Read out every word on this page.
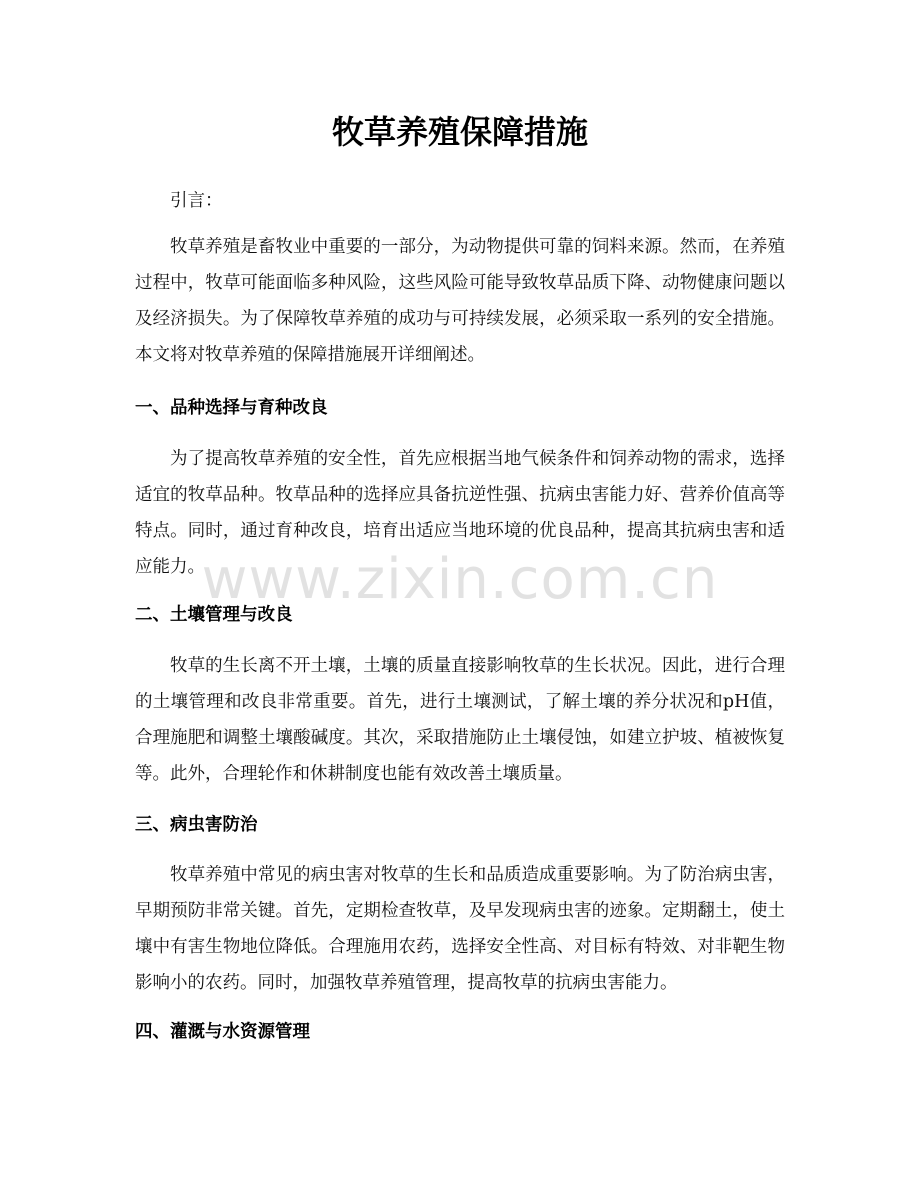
牧草养殖保障措施

引言：

牧草养殖是畜牧业中重要的一部分，为动物提供可靠的饲料来源。然而，在养殖过程中，牧草可能面临多种风险，这些风险可能导致牧草品质下降、动物健康问题以及经济损失。为了保障牧草养殖的成功与可持续发展，必须采取一系列的安全措施。本文将对牧草养殖的保障措施展开详细阐述。

一、品种选择与育种改良

为了提高牧草养殖的安全性，首先应根据当地气候条件和饲养动物的需求，选择适宜的牧草品种。牧草品种的选择应具备抗逆性强、抗病虫害能力好、营养价值高等特点。同时，通过育种改良，培育出适应当地环境的优良品种，提高其抗病虫害和适应能力。

二、土壤管理与改良

牧草的生长离不开土壤，土壤的质量直接影响牧草的生长状况。因此，进行合理的土壤管理和改良非常重要。首先，进行土壤测试，了解土壤的养分状况和pH值，合理施肥和调整土壤酸碱度。其次，采取措施防止土壤侵蚀，如建立护坡、植被恢复等。此外，合理轮作和休耕制度也能有效改善土壤质量。

三、病虫害防治

牧草养殖中常见的病虫害对牧草的生长和品质造成重要影响。为了防治病虫害，早期预防非常关键。首先，定期检查牧草，及早发现病虫害的迹象。定期翻土，使土壤中有害生物地位降低。合理施用农药，选择安全性高、对目标有特效、对非靶生物影响小的农药。同时，加强牧草养殖管理，提高牧草的抗病虫害能力。

四、灌溉与水资源管理
www.zixin.com.cn
